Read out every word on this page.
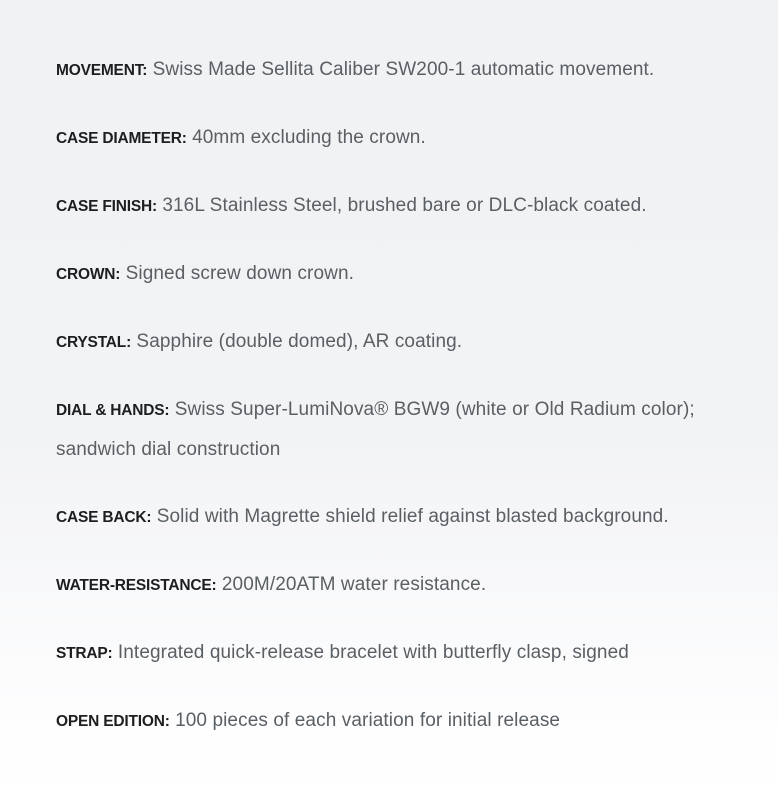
MOVEMENT: Swiss Made Sellita Caliber SW200-1 automatic movement.

CASE DIAMETER: 40mm excluding the crown.

CASE FINISH: 316L Stainless Steel, brushed bare or DLC-black coated.

CROWN: Signed screw down crown.

CRYSTAL: Sapphire (double domed), AR coating.

DIAL & HANDS: Swiss Super-LumiNova® BGW9 (white or Old Radium color); sandwich dial construction

CASE BACK: Solid with Magrette shield relief against blasted background.

WATER-RESISTANCE: 200M/20ATM water resistance.

STRAP: Integrated quick-release bracelet with butterfly clasp, signed

OPEN EDITION: 100 pieces of each variation for initial release
